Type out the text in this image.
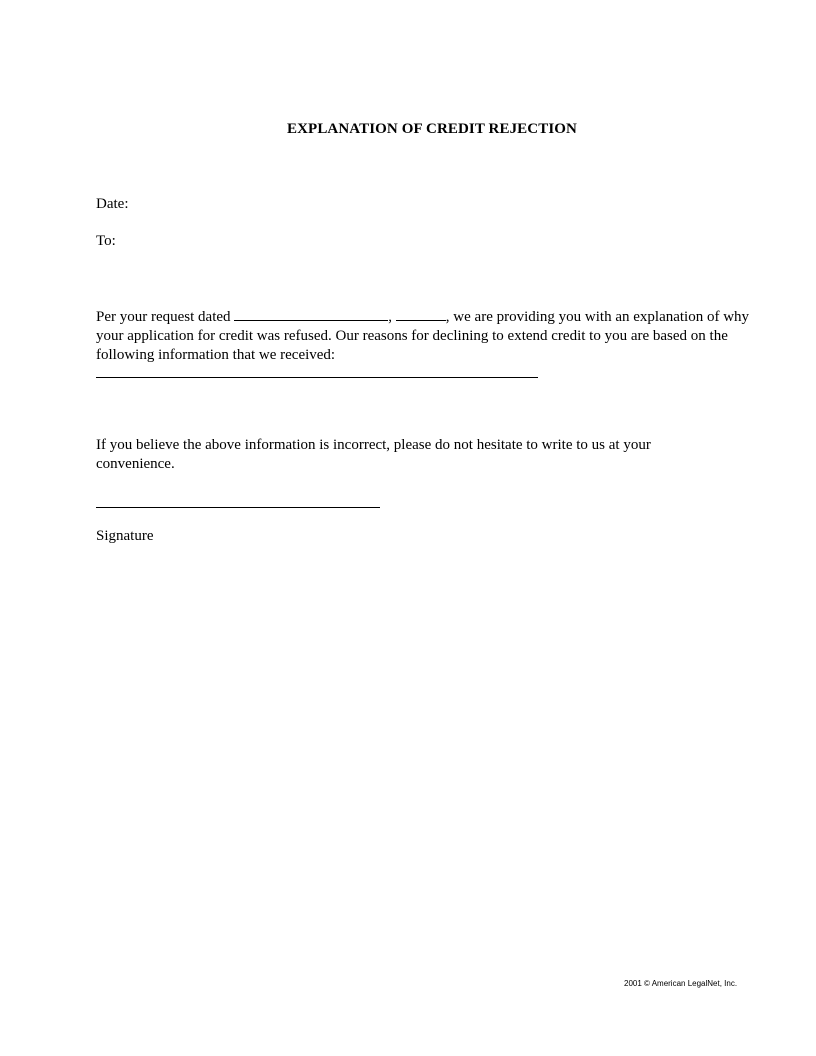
EXPLANATION OF CREDIT REJECTION
Date:
To:
Per your request dated	,	, we are providing you with an explanation of why your application for credit was refused. Our reasons for declining to extend credit to you are based on the following information that we received:
If you believe the above information is incorrect, please do not hesitate to write to us at your convenience.
Signature
2001 © American LegalNet, Inc.
